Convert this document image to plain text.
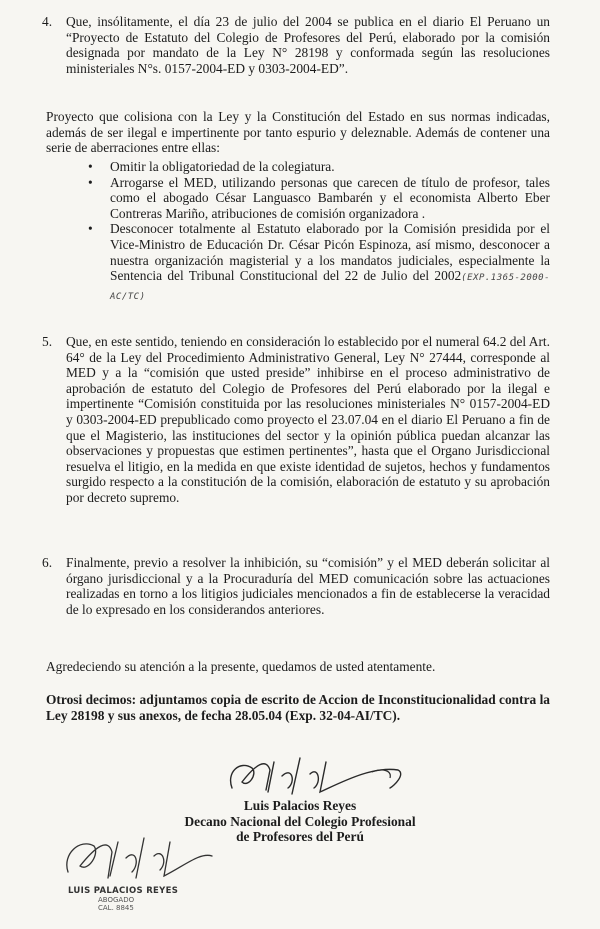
4.	Que, insólitamente, el día 23 de julio del 2004 se publica en el diario El Peruano un “Proyecto de Estatuto del Colegio de Profesores del Perú, elaborado por la comisión designada por mandato de la Ley N° 28198 y conformada según las resoluciones ministeriales N°s. 0157-2004-ED y 0303-2004-ED”.
Proyecto que colisiona con la Ley y la Constitución del Estado en sus normas indicadas, además de ser ilegal e impertinente por tanto espurio y deleznable. Además de contener una serie de aberraciones entre ellas:
• Omitir la obligatoriedad de la colegiatura.
• Arrogarse el MED, utilizando personas que carecen de título de profesor, tales como el abogado César Languasco Bambarén y el economista Alberto Eber Contreras Mariño, atribuciones de comisión organizadora .
• Desconocer totalmente al Estatuto elaborado por la Comisión presidida por el Vice-Ministro de Educación Dr. César Picón Espinoza, así mismo, desconocer a nuestra organización magisterial y a los mandatos judiciales, especialmente la Sentencia del Tribunal Constitucional del 22 de Julio del 2002(EXP.1365-2000-AC/TC)
5.	Que, en este sentido, teniendo en consideración lo establecido por el numeral 64.2 del Art. 64° de la Ley del Procedimiento Administrativo General, Ley N° 27444, corresponde al MED y a la “comisión que usted preside” inhibirse en el proceso administrativo de aprobación de estatuto del Colegio de Profesores del Perú elaborado por la ilegal e impertinente “Comisión constituida por las resoluciones ministeriales N° 0157-2004-ED y 0303-2004-ED prepublicado como proyecto el 23.07.04 en el diario El Peruano a fin de que el Magisterio, las instituciones del sector y la opinión pública puedan alcanzar las observaciones y propuestas que estimen pertinentes”, hasta que el Organo Jurisdiccional resuelva el litigio, en la medida en que existe identidad de sujetos, hechos y fundamentos surgido respecto a la constitución de la comisión, elaboración de estatuto y su aprobación por decreto supremo.
6.	Finalmente, previo a resolver la inhibición, su “comisión” y el MED deberán solicitar al órgano jurisdiccional y a la Procuraduría del MED comunicación sobre las actuaciones realizadas en torno a los litigios judiciales mencionados a fin de establecerse la veracidad de lo expresado en los considerandos anteriores.
Agredeciendo su atención a la presente, quedamos de usted atentamente.
Otrosi decimos: adjuntamos copia de escrito de Accion de Inconstitucionalidad contra la Ley 28198 y sus anexos, de fecha 28.05.04 (Exp. 32-04-AI/TC).
Luis Palacios Reyes
Decano Nacional del Colegio Profesional
de Profesores del Perú
LUIS PALACIOS REYES
ABOGADO
CAL. 8845
